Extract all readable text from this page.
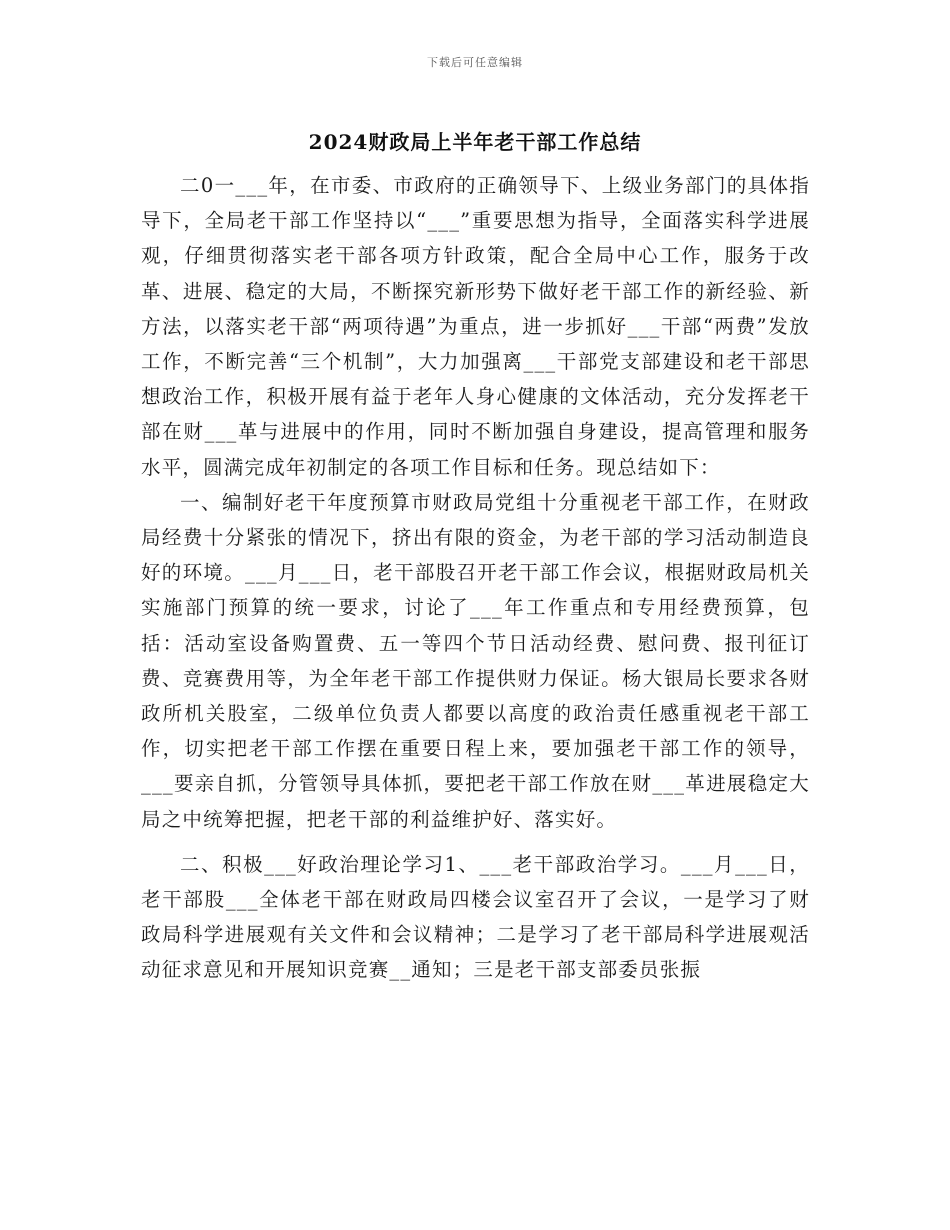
下载后可任意编辑
2024财政局上半年老干部工作总结

二0一___年，在市委、市政府的正确领导下、上级业务部门的具体指导下，全局老干部工作坚持以“___”重要思想为指导，全面落实科学进展观，仔细贯彻落实老干部各项方针政策，配合全局中心工作，服务于改革、进展、稳定的大局，不断探究新形势下做好老干部工作的新经验、新方法，以落实老干部“两项待遇”为重点，进一步抓好___干部“两费”发放工作，不断完善“三个机制”，大力加强离___干部党支部建设和老干部思想政治工作，积极开展有益于老年人身心健康的文体活动，充分发挥老干部在财___革与进展中的作用，同时不断加强自身建设，提高管理和服务水平，圆满完成年初制定的各项工作目标和任务。现总结如下：

一、编制好老干年度预算市财政局党组十分重视老干部工作，在财政局经费十分紧张的情况下，挤出有限的资金，为老干部的学习活动制造良好的环境。___月___日，老干部股召开老干部工作会议，根据财政局机关实施部门预算的统一要求，讨论了___年工作重点和专用经费预算，包括：活动室设备购置费、五一等四个节日活动经费、慰问费、报刊征订费、竞赛费用等，为全年老干部工作提供财力保证。杨大银局长要求各财政所机关股室，二级单位负责人都要以高度的政治责任感重视老干部工作，切实把老干部工作摆在重要日程上来，要加强老干部工作的领导，___要亲自抓，分管领导具体抓，要把老干部工作放在财___革进展稳定大局之中统筹把握，把老干部的利益维护好、落实好。

二、积极___好政治理论学习1、___老干部政治学习。___月___日，老干部股___全体老干部在财政局四楼会议室召开了会议，一是学习了财政局科学进展观有关文件和会议精神；二是学习了老干部局科学进展观活动征求意见和开展知识竞赛__通知；三是老干部支部委员张振
